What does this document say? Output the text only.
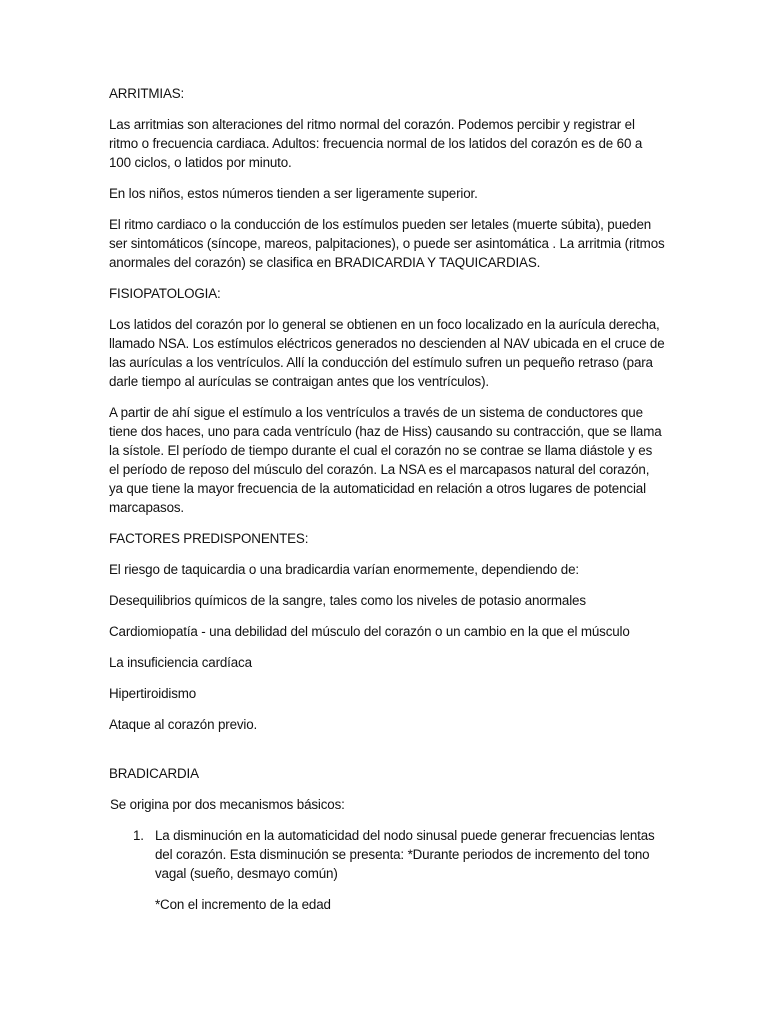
ARRITMIAS:

Las arritmias son alteraciones del ritmo normal del corazón. Podemos percibir y registrar el ritmo o frecuencia cardiaca. Adultos: frecuencia normal de los latidos del corazón es de 60 a 100 ciclos, o latidos por minuto.

En los niños, estos números tienden a ser ligeramente superior.

El ritmo cardiaco o la conducción de los estímulos pueden ser letales (muerte súbita), pueden ser sintomáticos (síncope, mareos, palpitaciones), o puede ser asintomática . La arritmia (ritmos anormales del corazón) se clasifica en BRADICARDIA Y TAQUICARDIAS.

FISIOPATOLOGIA:

Los latidos del corazón por lo general se obtienen en un foco localizado en la aurícula derecha, llamado NSA. Los estímulos eléctricos generados no descienden al NAV ubicada en el cruce de las aurículas a los ventrículos. Allí la conducción del estímulo sufren un pequeño retraso (para darle tiempo al aurículas se contraigan antes que los ventrículos).

A partir de ahí sigue el estímulo a los ventrículos a través de un sistema de conductores que tiene dos haces, uno para cada ventrículo (haz de Hiss) causando su contracción, que se llama la sístole. El período de tiempo durante el cual el corazón no se contrae se llama diástole y es el período de reposo del músculo del corazón. La NSA es el marcapasos natural del corazón, ya que tiene la mayor frecuencia de la automaticidad en relación a otros lugares de potencial marcapasos.

FACTORES PREDISPONENTES:

El riesgo de taquicardia o una bradicardia varían enormemente, dependiendo de:

Desequilibrios químicos de la sangre, tales como los niveles de potasio anormales

Cardiomiopatía - una debilidad del músculo del corazón o un cambio en la que el músculo

La insuficiencia cardíaca

Hipertiroidismo

Ataque al corazón previo.

BRADICARDIA

Se origina por dos mecanismos básicos:

1. La disminución en la automaticidad del nodo sinusal puede generar frecuencias lentas del corazón. Esta disminución se presenta: *Durante periodos de incremento del tono vagal (sueño, desmayo común)

*Con el incremento de la edad
